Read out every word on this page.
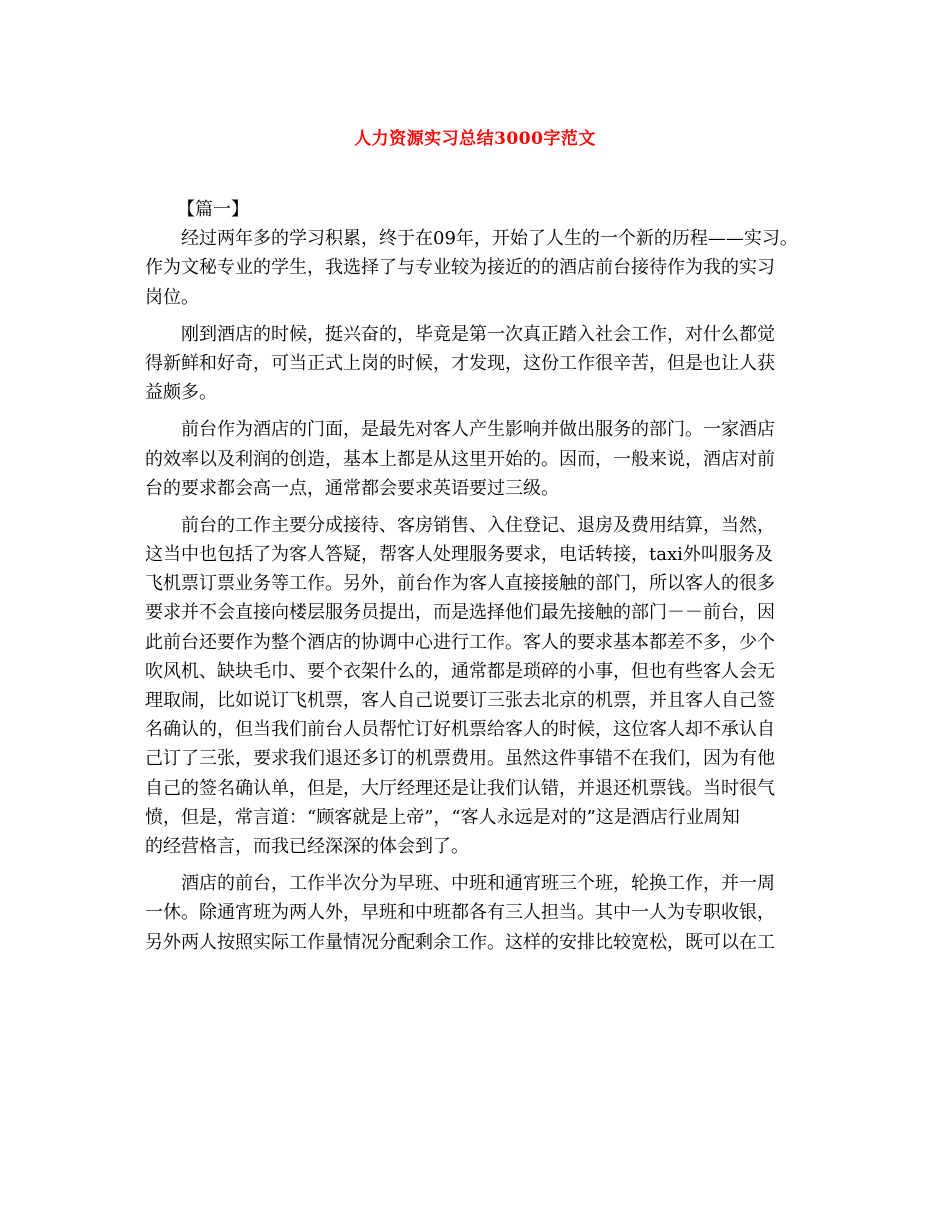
人力资源实习总结3000字范文
【篇一】
经过两年多的学习积累，终于在09年，开始了人生的一个新的历程——实习。
作为文秘专业的学生，我选择了与专业较为接近的的酒店前台接待作为我的实习
岗位。
刚到酒店的时候，挺兴奋的，毕竟是第一次真正踏入社会工作，对什么都觉
得新鲜和好奇，可当正式上岗的时候，才发现，这份工作很辛苦，但是也让人获
益颇多。
前台作为酒店的门面，是最先对客人产生影响并做出服务的部门。一家酒店
的效率以及利润的创造，基本上都是从这里开始的。因而，一般来说，酒店对前
台的要求都会高一点，通常都会要求英语要过三级。
前台的工作主要分成接待、客房销售、入住登记、退房及费用结算，当然，
这当中也包括了为客人答疑，帮客人处理服务要求，电话转接，taxi外叫服务及
飞机票订票业务等工作。另外，前台作为客人直接接触的部门，所以客人的很多
要求并不会直接向楼层服务员提出，而是选择他们最先接触的部门－－前台，因
此前台还要作为整个酒店的协调中心进行工作。客人的要求基本都差不多，少个
吹风机、缺块毛巾、要个衣架什么的，通常都是琐碎的小事，但也有些客人会无
理取闹，比如说订飞机票，客人自己说要订三张去北京的机票，并且客人自己签
名确认的，但当我们前台人员帮忙订好机票给客人的时候，这位客人却不承认自
己订了三张，要求我们退还多订的机票费用。虽然这件事错不在我们，因为有他
自己的签名确认单，但是，大厅经理还是让我们认错，并退还机票钱。当时很气
愤，但是，常言道：“顾客就是上帝”，“客人永远是对的”这是酒店行业周知
的经营格言，而我已经深深的体会到了。
酒店的前台，工作半次分为早班、中班和通宵班三个班，轮换工作，并一周
一休。除通宵班为两人外，早班和中班都各有三人担当。其中一人为专职收银，
另外两人按照实际工作量情况分配剩余工作。这样的安排比较宽松，既可以在工
